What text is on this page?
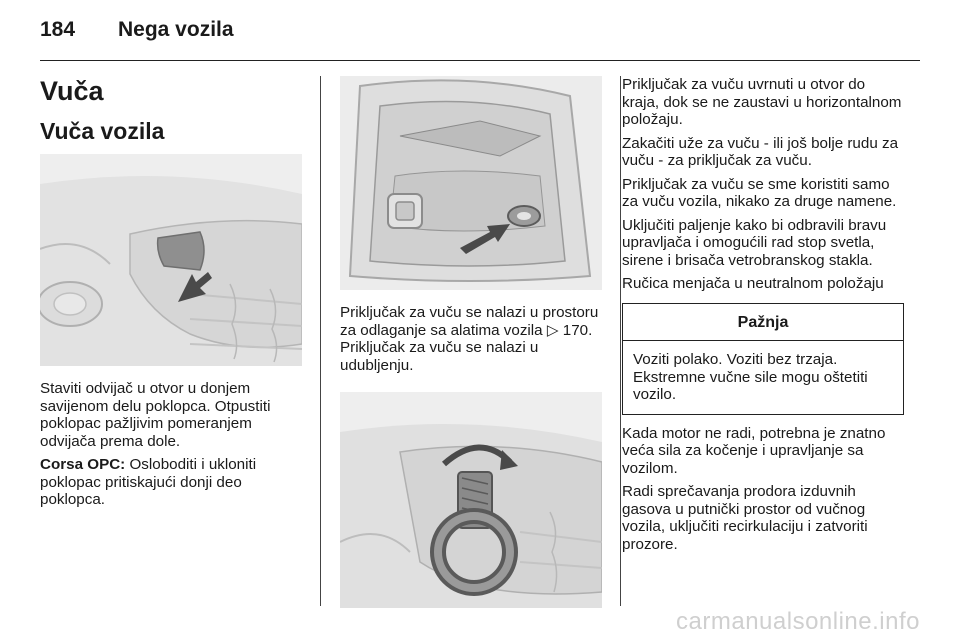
184 Nega vozila
Vuča
Vuča vozila

Staviti odvijač u otvor u donjem savijenom delu poklopca. Otpustiti poklopac pažljivim pomeranjem odvijača prema dole.

Corsa OPC: Osloboditi i ukloniti poklopac pritiskajući donji deo poklopca.

Priključak za vuču se nalazi u prostoru za odlaganje sa alatima vozila ▷ 170. Priključak za vuču se nalazi u udubljenju.

Priključak za vuču uvrnuti u otvor do kraja, dok se ne zaustavi u horizontalnom položaju.

Zakačiti uže za vuču - ili još bolje rudu za vuču - za priključak za vuču.

Priključak za vuču se sme koristiti samo za vuču vozila, nikako za druge namene.

Uključiti paljenje kako bi odbravili bravu upravljača i omogućili rad stop svetla, sirene i brisača vetrobranskog stakla.

Ručica menjača u neutralnom položaju

Pažnja
Voziti polako. Voziti bez trzaja. Ekstremne vučne sile mogu oštetiti vozilo.

Kada motor ne radi, potrebna je znatno veća sila za kočenje i upravljanje sa vozilom.

Radi sprečavanja prodora izduvnih gasova u putnički prostor od vučnog vozila, uključiti recirkulaciju i zatvoriti prozore.

carmanualsonline.info
